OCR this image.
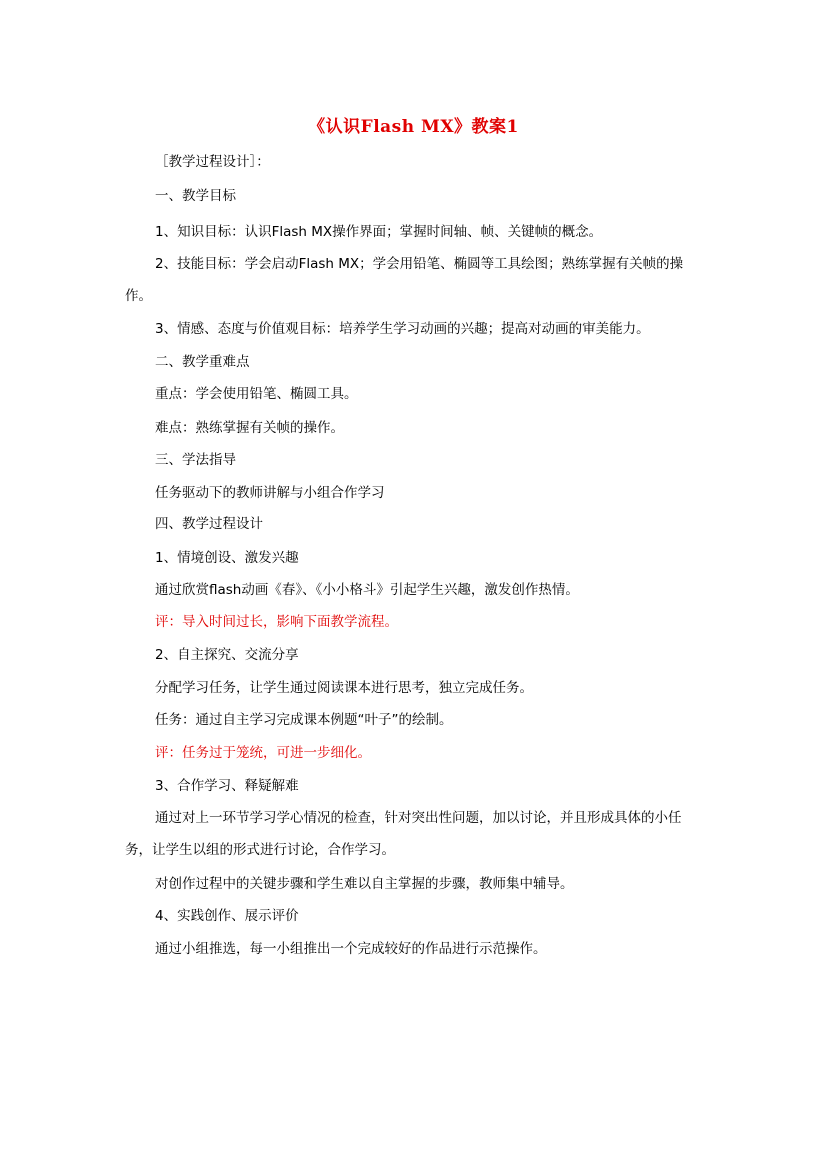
《认识Flash MX》教案1
［教学过程设计］：
一、教学目标
1、知识目标：认识Flash MX操作界面；掌握时间轴、帧、关键帧的概念。
2、技能目标：学会启动Flash MX；学会用铅笔、椭圆等工具绘图；熟练掌握有关帧的操作。
3、情感、态度与价值观目标：培养学生学习动画的兴趣；提高对动画的审美能力。
二、教学重难点
重点：学会使用铅笔、椭圆工具。
难点：熟练掌握有关帧的操作。
三、学法指导
任务驱动下的教师讲解与小组合作学习
四、教学过程设计
1、情境创设、激发兴趣
通过欣赏flash动画《春》、《小小格斗》引起学生兴趣，激发创作热情。
评：导入时间过长，影响下面教学流程。
2、自主探究、交流分享
分配学习任务，让学生通过阅读课本进行思考，独立完成任务。
任务：通过自主学习完成课本例题“叶子”的绘制。
评：任务过于笼统，可进一步细化。
3、合作学习、释疑解难
通过对上一环节学习学心情况的检查，针对突出性问题，加以讨论，并且形成具体的小任务，让学生以组的形式进行讨论，合作学习。
对创作过程中的关键步骤和学生难以自主掌握的步骤，教师集中辅导。
4、实践创作、展示评价
通过小组推选，每一小组推出一个完成较好的作品进行示范操作。
